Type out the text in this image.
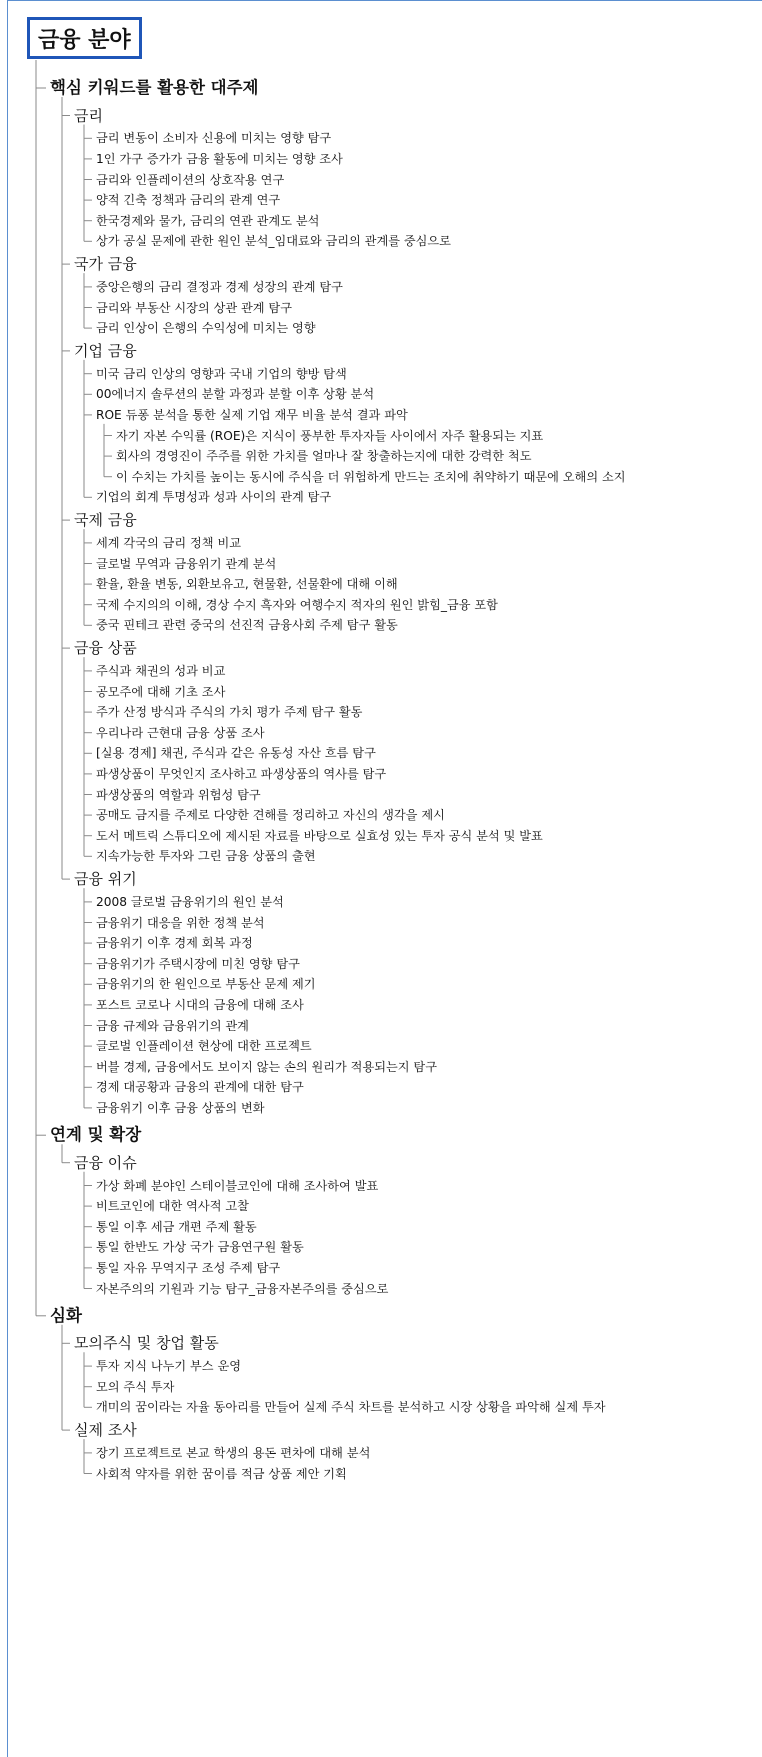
금융 분야
핵심 키워드를 활용한 대주제
금리
금리 변동이 소비자 신용에 미치는 영향 탐구
1인 가구 증가가 금융 활동에 미치는 영향 조사
금리와 인플레이션의 상호작용 연구
양적 긴축 정책과 금리의 관계 연구
한국경제와 물가, 금리의 연관 관계도 분석
상가 공실 문제에 관한 원인 분석_임대료와 금리의 관계를 중심으로
국가 금융
중앙은행의 금리 결정과 경제 성장의 관계 탐구
금리와 부동산 시장의 상관 관계 탐구
금리 인상이 은행의 수익성에 미치는 영향
기업 금융
미국 금리 인상의 영향과 국내 기업의 향방 탐색
00에너지 솔루션의 분할 과정과 분할 이후 상황 분석
ROE 듀퐁 분석을 통한 실제 기업 재무 비율 분석 결과 파악
자기 자본 수익률 (ROE)은 지식이 풍부한 투자자들 사이에서 자주 활용되는 지표
회사의 경영진이 주주를 위한 가치를 얼마나 잘 창출하는지에 대한 강력한 척도
이 수치는 가치를 높이는 동시에 주식을 더 위험하게 만드는 조치에 취약하기 때문에 오해의 소지
기업의 회계 투명성과 성과 사이의 관계 탐구
국제 금융
세계 각국의 금리 정책 비교
글로벌 무역과 금융위기 관계 분석
환율, 환율 변동, 외환보유고, 현물환, 선물환에 대해 이해
국제 수지의의 이해, 경상 수지 흑자와 여행수지 적자의 원인 밝힘_금융 포함
중국 핀테크 관련 중국의 선진적 금융사회 주제 탐구 활동
금융 상품
주식과 채권의 성과 비교
공모주에 대해 기초 조사
주가 산정 방식과 주식의 가치 평가 주제 탐구 활동
우리나라 근현대 금융 상품 조사
[실용 경제] 채권, 주식과 같은 유동성 자산 흐름 탐구
파생상품이 무엇인지 조사하고 파생상품의 역사를 탐구
파생상품의 역할과 위험성 탐구
공매도 금지를 주제로 다양한 견해를 정리하고 자신의 생각을 제시
도서 메트릭 스튜디오에 제시된 자료를 바탕으로 실효성 있는 투자 공식 분석 및 발표
지속가능한 투자와 그린 금융 상품의 출현
금융 위기
2008 글로벌 금융위기의 원인 분석
금융위기 대응을 위한 정책 분석
금융위기 이후 경제 회복 과정
금융위기가 주택시장에 미친 영향 탐구
금융위기의 한 원인으로 부동산 문제 제기
포스트 코로나 시대의 금융에 대해 조사
금융 규제와 금융위기의 관계
글로벌 인플레이션 현상에 대한 프로젝트
버블 경제, 금융에서도 보이지 않는 손의 원리가 적용되는지 탐구
경제 대공황과 금융의 관계에 대한 탐구
금융위기 이후 금융 상품의 변화
연계 및 확장
금융 이슈
가상 화폐 분야인 스테이블코인에 대해 조사하여 발표
비트코인에 대한 역사적 고찰
통일 이후 세금 개편 주제 활동
통일 한반도 가상 국가 금융연구원 활동
통일 자유 무역지구 조성 주제 탐구
자본주의의 기원과 기능 탐구_금융자본주의를 중심으로
심화
모의주식 및 창업 활동
투자 지식 나누기 부스 운영
모의 주식 투자
개미의 꿈이라는 자율 동아리를 만들어 실제 주식 차트를 분석하고 시장 상황을 파악해 실제 투자
실제 조사
장기 프로젝트로 본교 학생의 용돈 편차에 대해 분석
사회적 약자를 위한 꿈이름 적금 상품 제안 기획
